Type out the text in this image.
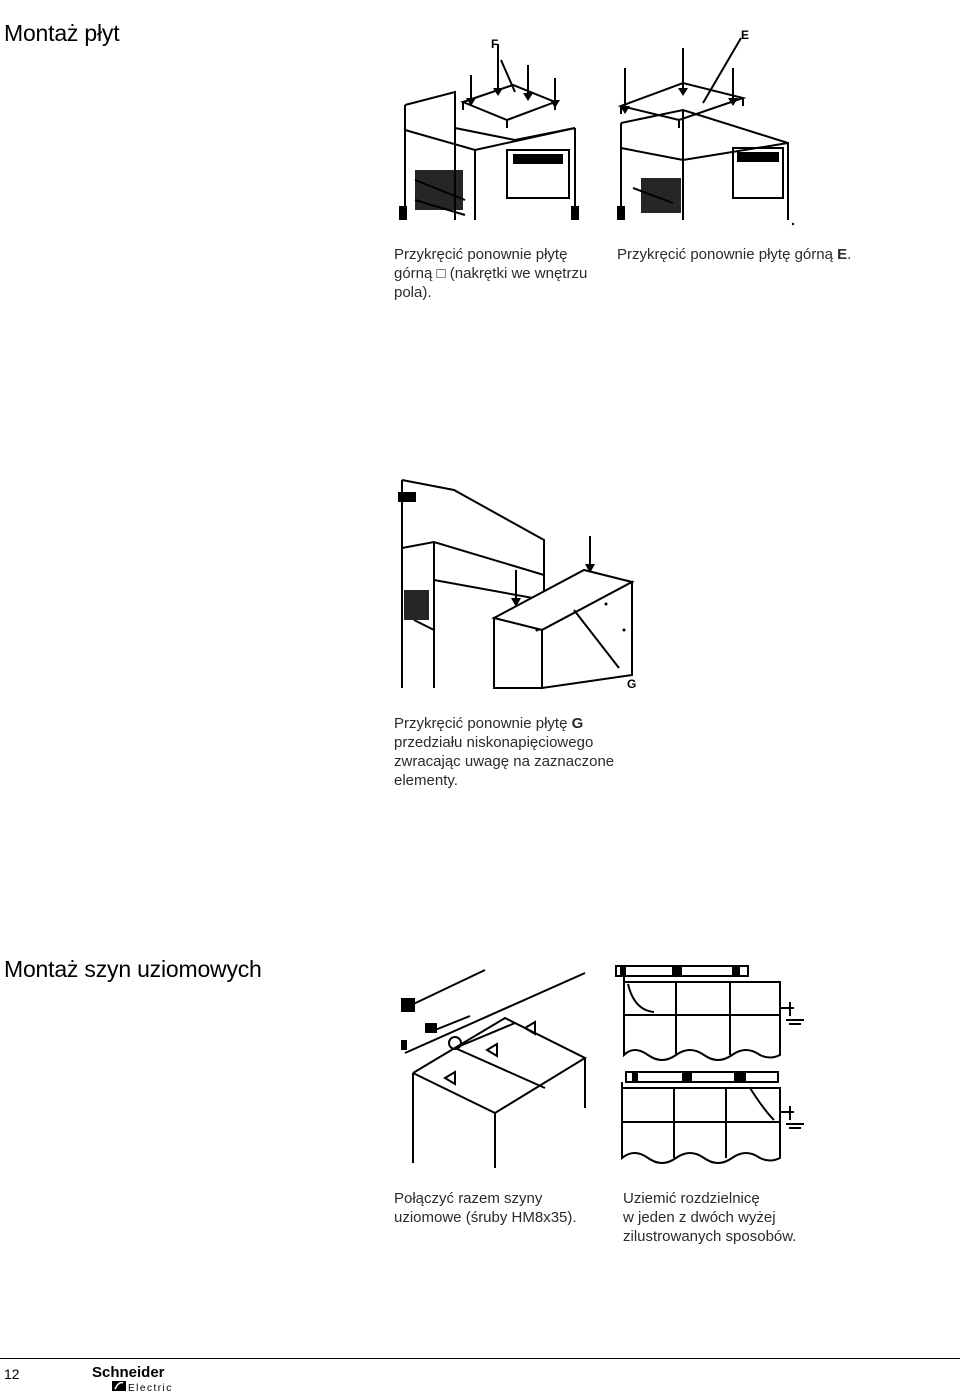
Montaż płyt	F
E
Przykręcić ponownie płytę
górną □ (nakrętki we wnętrzu
pola).
Przykręcić ponownie płytę górną E.
G
Przykręcić ponownie płytę G
przedziału niskonapięciowego
zwracając uwagę na zaznaczone
elementy.
Montaż szyn uziomowych
Połączyć razem szyny
uziomowe (śruby HM8x35).
Uziemić rozdzielnicę
w jeden z dwóch wyżej
zilustrowanych sposobów.
12	Schneider
Electric
